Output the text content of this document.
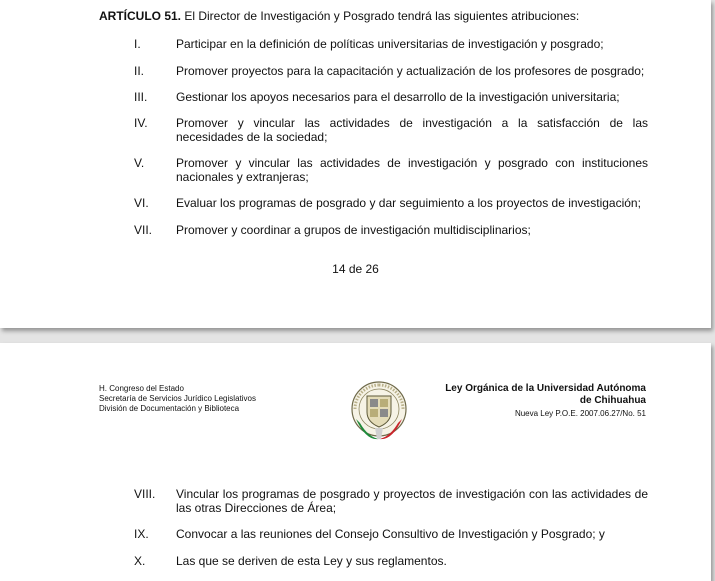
ARTÍCULO 51. El Director de Investigación y Posgrado tendrá las siguientes atribuciones:
I.	Participar en la definición de políticas universitarias de investigación y posgrado;
II.	Promover proyectos para la capacitación y actualización de los profesores de posgrado;
III.	Gestionar los apoyos necesarios para el desarrollo de la investigación universitaria;
IV.	Promover y vincular las actividades de investigación a la satisfacción de las necesidades de la sociedad;
V.	Promover y vincular las actividades de investigación y posgrado con instituciones nacionales y extranjeras;
VI.	Evaluar los programas de posgrado y dar seguimiento a los proyectos de investigación;
VII.	Promover y coordinar a grupos de investigación multidisciplinarios;
14 de 26
H. Congreso del Estado
Secretaría de Servicios Jurídico Legislativos
División de Documentación y Biblioteca
Ley Orgánica de la Universidad Autónoma
de Chihuahua
Nueva Ley P.O.E. 2007.06.27/No. 51
VIII.	Vincular los programas de posgrado y proyectos de investigación con las actividades de las otras Direcciones de Área;
IX.	Convocar a las reuniones del Consejo Consultivo de Investigación y Posgrado; y
X.	Las que se deriven de esta Ley y sus reglamentos.
